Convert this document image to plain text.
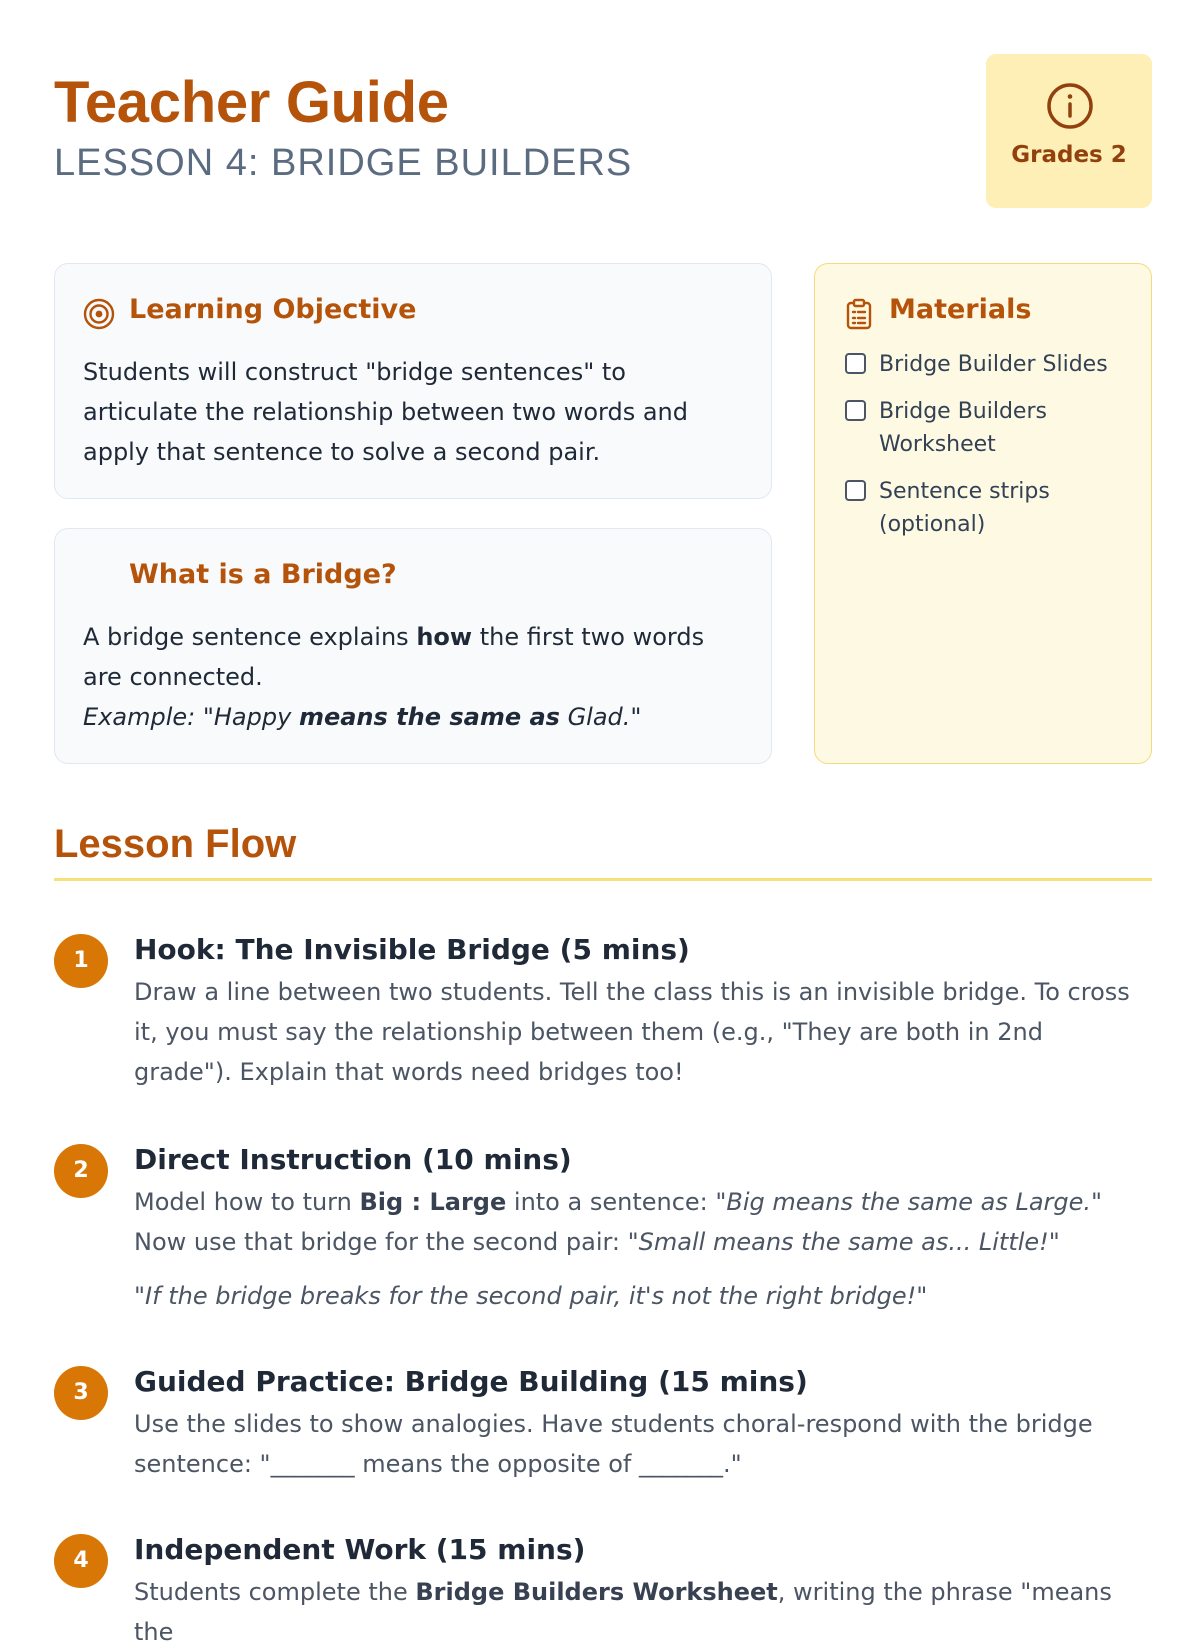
Teacher Guide
LESSON 4: BRIDGE BUILDERS	Grades 2
Learning Objective
Students will construct "bridge sentences" to articulate the relationship between two words and apply that sentence to solve a second pair.
What is a Bridge?
A bridge sentence explains how the first two words are connected.
Example: "Happy means the same as Glad."
Materials
Bridge Builder Slides
Bridge Builders Worksheet
Sentence strips (optional)
Lesson Flow
1	Hook: The Invisible Bridge (5 mins)
Draw a line between two students. Tell the class this is an invisible bridge. To cross it, you must say the relationship between them (e.g., "They are both in 2nd grade"). Explain that words need bridges too!
2	Direct Instruction (10 mins)
Model how to turn Big : Large into a sentence: "Big means the same as Large." Now use that bridge for the second pair: "Small means the same as... Little!"
"If the bridge breaks for the second pair, it's not the right bridge!"
3	Guided Practice: Bridge Building (15 mins)
Use the slides to show analogies. Have students choral-respond with the bridge sentence: "_______ means the opposite of _______."
4	Independent Work (15 mins)
Students complete the Bridge Builders Worksheet, writing the phrase "means the
